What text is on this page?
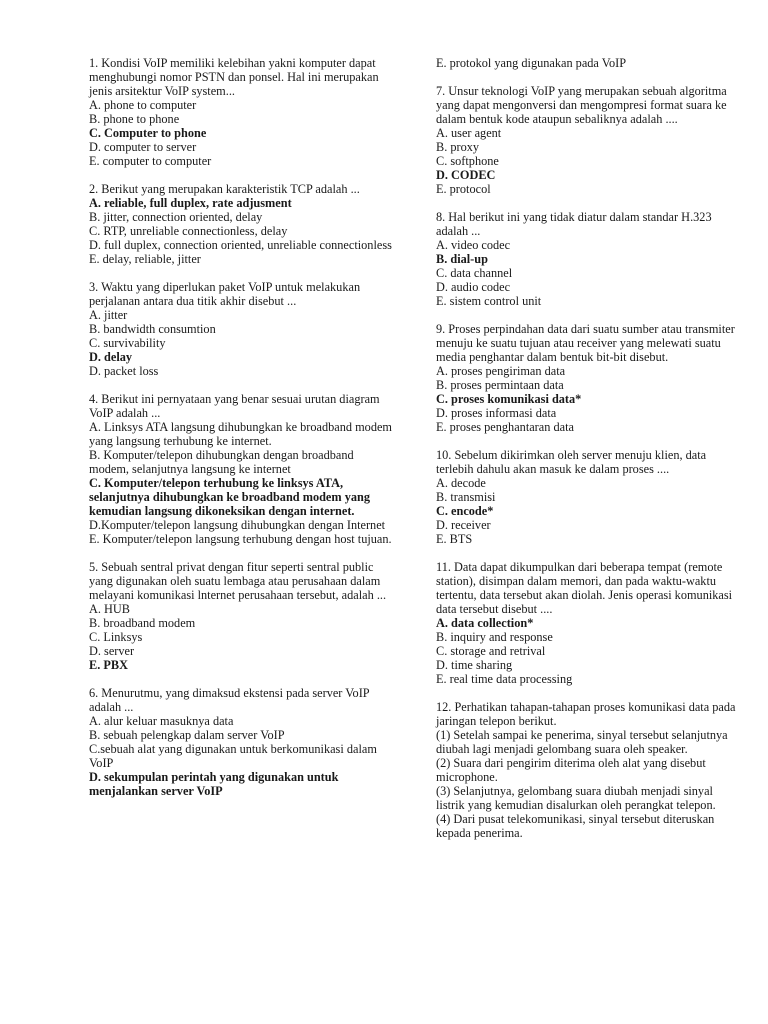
1. Kondisi VoIP memiliki kelebihan yakni komputer dapat menghubungi nomor PSTN dan ponsel. Hal ini merupakan jenis arsitektur VoIP system...

A. phone to computer

B. phone to phone

C. Computer to phone

D. computer to server

E. computer to computer

2. Berikut yang merupakan karakteristik TCP adalah ...

A. reliable, full duplex, rate adjusment

B. jitter, connection oriented, delay

C. RTP, unreliable connectionless, delay

D. full duplex, connection oriented, unreliable connectionless

E. delay, reliable, jitter

3. Waktu yang diperlukan paket VoIP untuk melakukan perjalanan antara dua titik akhir disebut ...

A. jitter

B. bandwidth consumtion

C. survivability

D. delay

D. packet loss

4. Berikut ini pernyataan yang benar sesuai urutan diagram VoIP adalah ...

A. Linksys ATA langsung dihubungkan ke broadband modem yang langsung terhubung ke internet.

B. Komputer/telepon dihubungkan dengan broadband modem, selanjutnya langsung ke internet

C. Komputer/telepon terhubung ke linksys ATA, selanjutnya dihubungkan ke broadband modem yang kemudian langsung dikoneksikan dengan internet.

D.Komputer/telepon langsung dihubungkan dengan Internet

E. Komputer/telepon langsung terhubung dengan host tujuan.

5. Sebuah sentral privat dengan fitur seperti sentral public yang digunakan oleh suatu lembaga atau perusahaan dalam melayani komunikasi lnternet perusahaan tersebut, adalah ...

A. HUB

B. broadband modem

C. Linksys

D. server

E. PBX

6. Menurutmu, yang dimaksud ekstensi pada server VoIP adalah ...

A. alur keluar masuknya data

B. sebuah pelengkap dalam server VoIP

C.sebuah alat yang digunakan untuk berkomunikasi dalam VoIP

D. sekumpulan perintah yang digunakan untuk menjalankan server VoIP

E. protokol yang digunakan pada VoIP

7. Unsur teknologi VoIP yang merupakan sebuah algoritma yang dapat mengonversi dan mengompresi format suara ke dalam bentuk kode ataupun sebaliknya adalah ....

A. user agent

B. proxy

C. softphone

D. CODEC

E. protocol

8. Hal berikut ini yang tidak diatur dalam standar H.323 adalah ...

A. video codec

B. dial-up

C. data channel

D. audio codec

E. sistem control unit

9. Proses perpindahan data dari suatu sumber atau transmiter menuju ke suatu tujuan atau receiver yang melewati suatu media penghantar dalam bentuk bit-bit disebut.

A. proses pengiriman data

B. proses permintaan data

C. proses komunikasi data*

D. proses informasi data

E. proses penghantaran data

10. Sebelum dikirimkan oleh server menuju klien, data terlebih dahulu akan masuk ke dalam proses ....

A. decode

B. transmisi

C. encode*

D. receiver

E. BTS

11. Data dapat dikumpulkan dari beberapa tempat (remote station), disimpan dalam memori, dan pada waktu-waktu tertentu, data tersebut akan diolah. Jenis operasi komunikasi data tersebut disebut ....

A. data collection*

B. inquiry and response

C. storage and retrival

D. time sharing

E. real time data processing

12. Perhatikan tahapan-tahapan proses komunikasi data pada jaringan telepon berikut.

(1) Setelah sampai ke penerima, sinyal tersebut selanjutnya diubah lagi menjadi gelombang suara oleh speaker.

(2) Suara dari pengirim diterima oleh alat yang disebut microphone.

(3) Selanjutnya, gelombang suara diubah menjadi sinyal listrik yang kemudian disalurkan oleh perangkat telepon.

(4) Dari pusat telekomunikasi, sinyal tersebut diteruskan kepada penerima.
